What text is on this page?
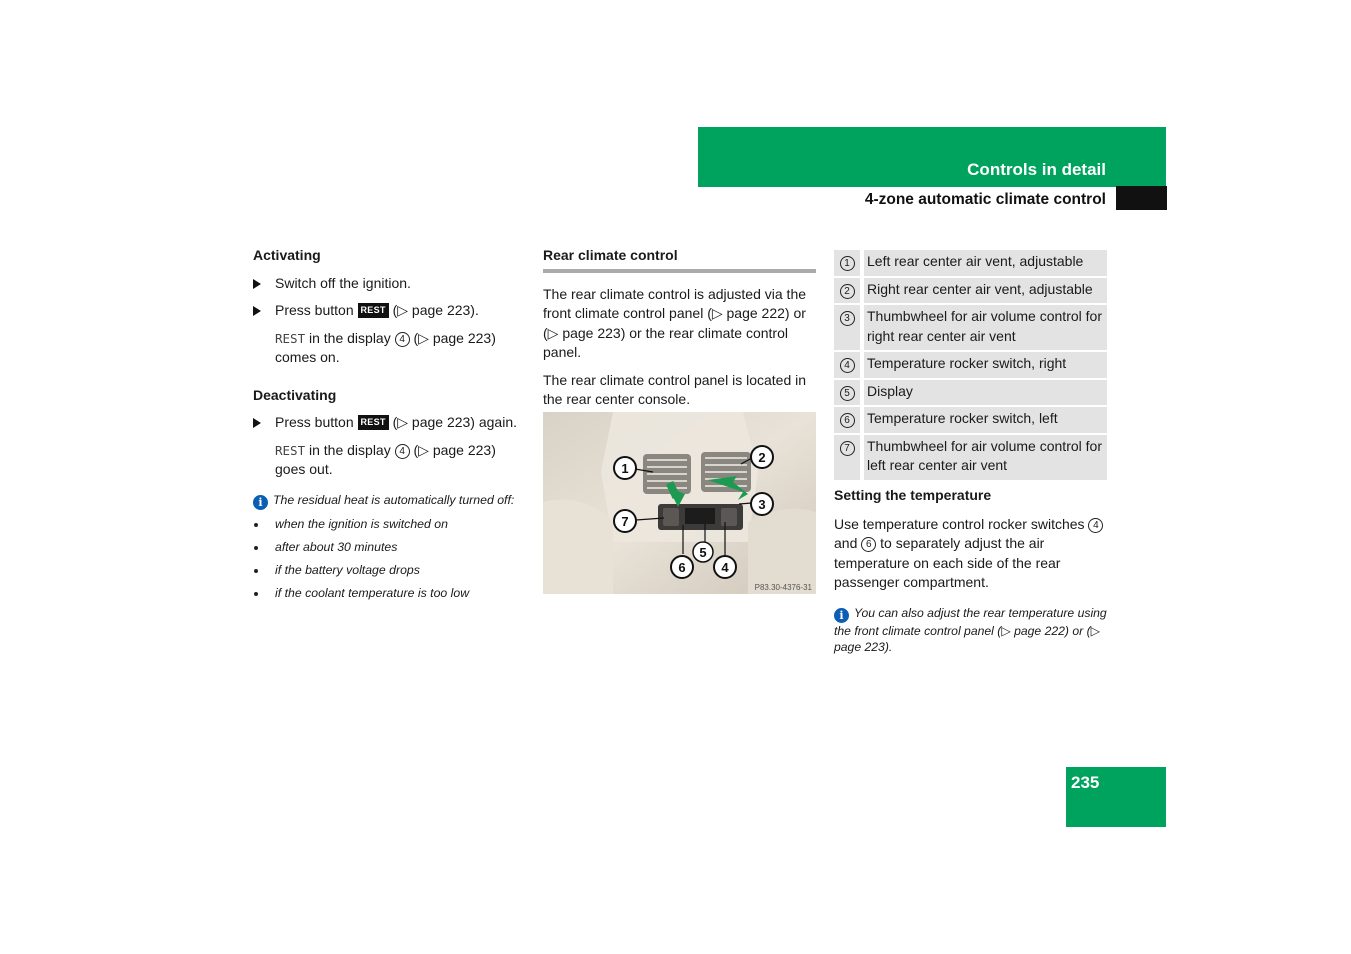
Controls in detail
4-zone automatic climate control

Activating

Switch off the ignition.
Press button REST (▷ page 223).
REST in the display 4 (▷ page 223)
comes on.

Deactivating

Press button REST (▷ page 223) again.
REST in the display 4 (▷ page 223)
goes out.
i The residual heat is automatically turned off:
when the ignition is switched on
after about 30 minutes
if the battery voltage drops
if the coolant temperature is too low

Rear climate control

The rear climate control is adjusted via the front climate control panel (▷ page 222) or (▷ page 223) or the rear climate control panel.

The rear climate control panel is located in the rear center console.

1
2
3
7
5
6	4
P83.30-4376-31
1	Left rear center air vent, adjustable
2	Right rear center air vent, adjustable
3	Thumbwheel for air volume control for right rear center air vent
4	Temperature rocker switch, right
5	Display
6	Temperature rocker switch, left
7	Thumbwheel for air volume control for left rear center air vent

Setting the temperature

Use temperature control rocker switches 4 and 6 to separately adjust the air temperature on each side of the rear passenger compartment.

i You can also adjust the rear temperature using the front climate control panel (▷ page 222) or (▷ page 223).
235
